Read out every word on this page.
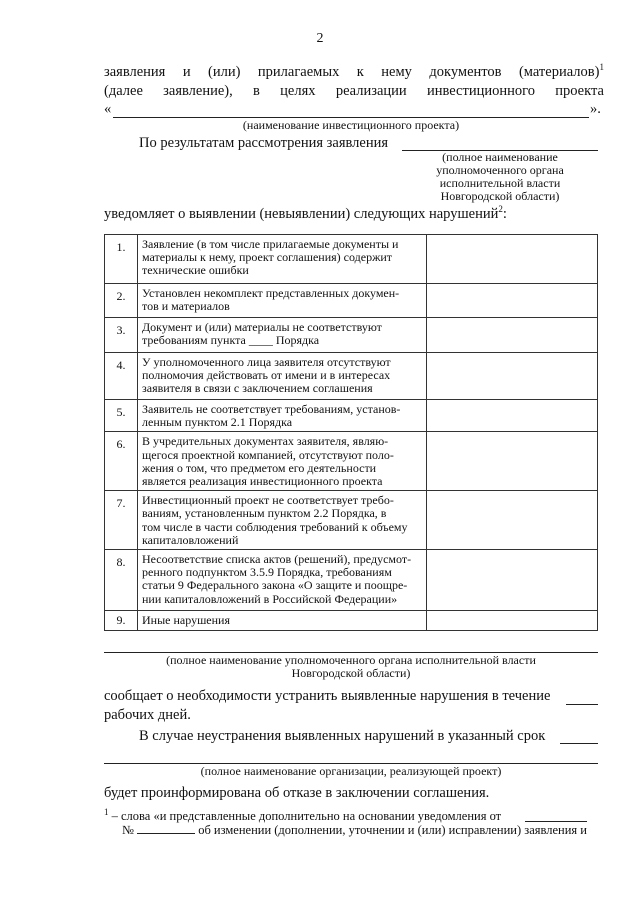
2
заявления и (или) прилагаемых к нему документов (материалов)$^1$
(далее заявление), в целях реализации инвестиционного проекта
«	».
(наименование инвестиционного проекта)
По результатам рассмотрения заявления
(полное наименование
уполномоченного органа
исполнительной власти
Новгородской области)
уведомляет о выявлении (невыявлении) следующих нарушений$^2$:
1.	Заявление (в том числе прилагаемые документы и
материалы к нему, проект соглашения) содержит
технические ошибки	

2.	Установлен некомплект представленных докумен-
тов и материалов	

3.	Документ и (или) материалы не соответствуют
требованиям пункта ____ Порядка	

4.	У уполномоченного лица заявителя отсутствуют
полномочия действовать от имени и в интересах
заявителя в связи с заключением соглашения	

5.	Заявитель не соответствует требованиям, установ-
ленным пунктом 2.1 Порядка	

6.	В учредительных документах заявителя, являю-
щегося проектной компанией, отсутствуют поло-
жения о том, что предметом его деятельности
является реализация инвестиционного проекта	

7.	Инвестиционный проект не соответствует требо-
ваниям, установленным пунктом 2.2 Порядка, в
том числе в части соблюдения требований к объему
капиталовложений	

8.	Несоответствие списка актов (решений), предусмот-
ренного подпунктом 3.5.9 Порядка, требованиям
статьи 9 Федерального закона «О защите и поощре-
нии капиталовложений в Российской Федерации»	

9.	Иные нарушения	

(полное наименование уполномоченного органа исполнительной власти
Новгородской области)
сообщает о необходимости устранить выявленные нарушения в течение
рабочих дней.
В случае неустранения выявленных нарушений в указанный срок
(полное наименование организации, реализующей проект)
будет проинформирована об отказе в заключении соглашения.
$^1$ – слова «и представленные дополнительно на основании уведомления от
№	об изменении (дополнении, уточнении и (или) исправлении) заявления и
